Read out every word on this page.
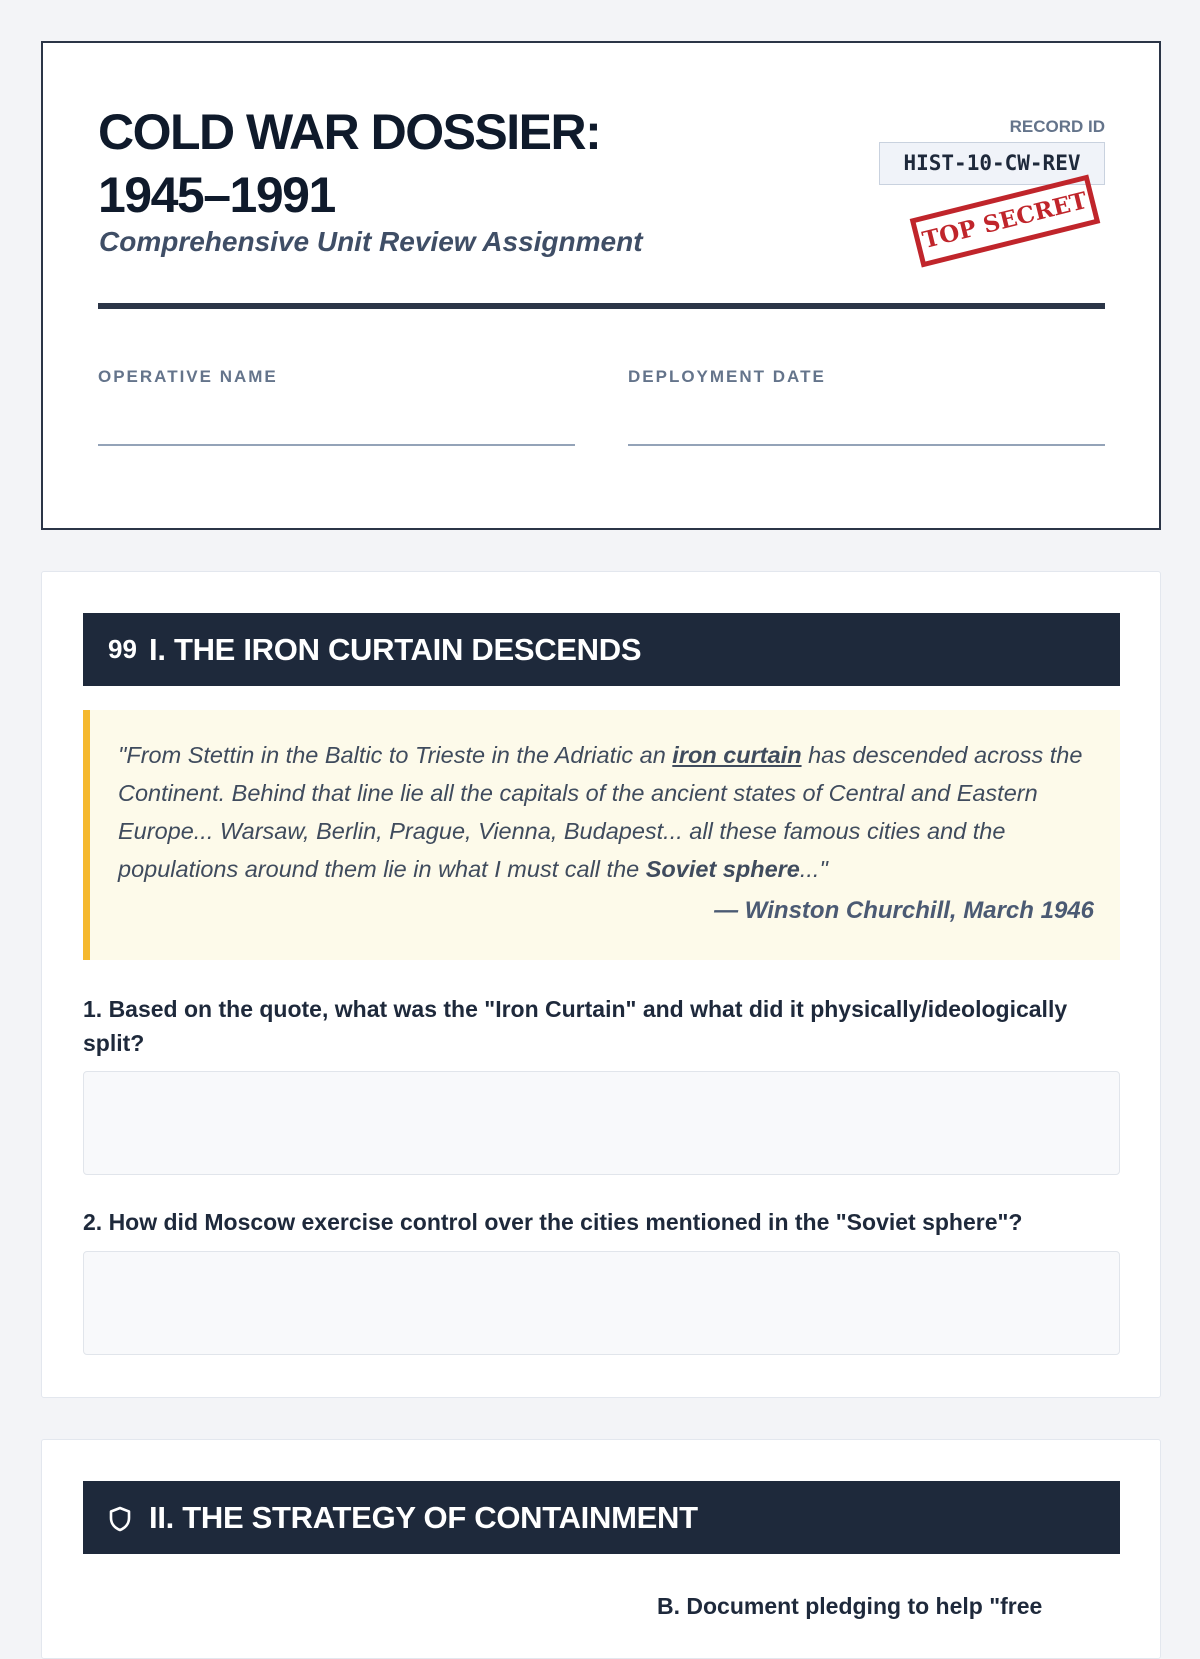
COLD WAR DOSSIER: 1945–1991
Comprehensive Unit Review Assignment
RECORD ID
HIST-10-CW-REV
TOP SECRET
OPERATIVE NAME	DEPLOYMENT DATE
99 I. THE IRON CURTAIN DESCENDS

"From Stettin in the Baltic to Trieste in the Adriatic an iron curtain has descended across the Continent. Behind that line lie all the capitals of the ancient states of Central and Eastern Europe... Warsaw, Berlin, Prague, Vienna, Budapest... all these famous cities and the populations around them lie in what I must call the Soviet sphere..."

— Winston Churchill, March 1946

1. Based on the quote, what was the "Iron Curtain" and what did it physically/ideologically split?

2. How did Moscow exercise control over the cities mentioned in the "Soviet sphere"?

II. THE STRATEGY OF CONTAINMENT
B. Document pledging to help "free
